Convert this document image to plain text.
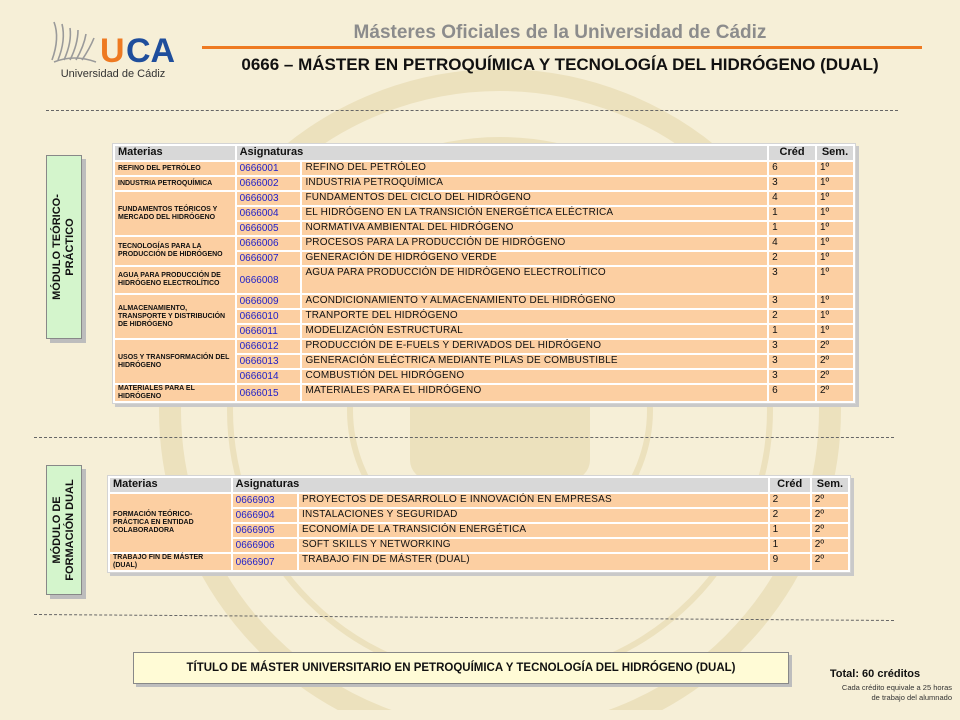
U CA
Universidad de Cádiz
Másteres Oficiales de la Universidad de Cádiz
0666 – MÁSTER EN PETROQUÍMICA Y TECNOLOGÍA DEL HIDRÓGENO (DUAL)
MÓDULO TEÓRICO-
PRÁCTICO
Materias	Asignaturas		Créd	Sem.
REFINO DEL PETRÓLEO	0666001	REFINO DEL PETRÓLEO	6	1º
INDUSTRIA PETROQUÍMICA	0666002	INDUSTRIA PETROQUÍMICA	3	1º
FUNDAMENTOS TEÓRICOS Y MERCADO DEL HIDRÓGENO	0666003	FUNDAMENTOS DEL CICLO DEL HIDRÓGENO	4	1º
	0666004	EL HIDRÓGENO EN LA TRANSICIÓN ENERGÉTICA ELÉCTRICA	1	1º
	0666005	NORMATIVA AMBIENTAL DEL HIDRÓGENO	1	1º
TECNOLOGÍAS PARA LA PRODUCCIÓN DE HIDRÓGENO	0666006	PROCESOS PARA LA PRODUCCIÓN DE HIDRÓGENO	4	1º
	0666007	GENERACIÓN DE HIDRÓGENO VERDE	2	1º
AGUA PARA PRODUCCIÓN DE HIDRÓGENO ELECTROLÍTICO	0666008	AGUA PARA PRODUCCIÓN DE HIDRÓGENO ELECTROLÍTICO	3	1º
ALMACENAMIENTO, TRANSPORTE Y DISTRIBUCIÓN DE HIDRÓGENO	0666009	ACONDICIONAMIENTO Y ALMACENAMIENTO DEL HIDRÓGENO	3	1º
	0666010	TRANPORTE DEL HIDRÓGENO	2	1º
	0666011	MODELIZACIÓN ESTRUCTURAL	1	1º
USOS Y TRANSFORMACIÓN DEL HIDRÓGENO	0666012	PRODUCCIÓN DE E-FUELS Y DERIVADOS DEL HIDRÓGENO	3	2º
	0666013	GENERACIÓN ELÉCTRICA MEDIANTE PILAS DE COMBUSTIBLE	3	2º
	0666014	COMBUSTIÓN DEL HIDRÓGENO	3	2º
MATERIALES PARA EL HIDRÓGENO	0666015	MATERIALES PARA EL HIDRÓGENO	6	2º
MÓDULO DE
FORMACIÓN DUAL	Materias	Asignaturas		Créd	Sem.
FORMACIÓN TEÓRICO-PRÁCTICA EN ENTIDAD COLABORADORA	0666903	PROYECTOS DE DESARROLLO E INNOVACIÓN EN EMPRESAS	2	2º
	0666904	INSTALACIONES Y SEGURIDAD	2	2º
	0666905	ECONOMÍA DE LA TRANSICIÓN ENERGÉTICA	1	2º
	0666906	SOFT SKILLS Y NETWORKING	1	2º
TRABAJO FIN DE MÁSTER (DUAL)	0666907	TRABAJO FIN DE MÁSTER (DUAL)	9	2º
TÍTULO DE MÁSTER UNIVERSITARIO EN PETROQUÍMICA Y TECNOLOGÍA DEL HIDRÓGENO (DUAL)	Total: 60 créditos
Cada crédito equivale a 25 horas
de trabajo del alumnado
